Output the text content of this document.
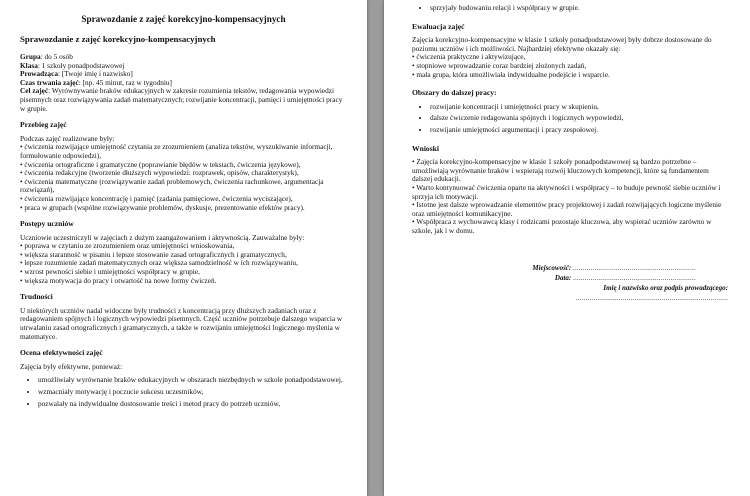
Sprawozdanie z zajęć korekcyjno-kompensacyjnych
Sprawozdanie z zajęć korekcyjno-kompensacyjnych
Grupa: do 5 osób
Klasa: 1 szkoły ponadpodstawowej
Prowadząca: [Twoje imię i nazwisko]
Czas trwania zajęć: [np. 45 minut, raz w tygodniu]
Cel zajęć: Wyrównywanie braków edukacyjnych w zakresie rozumienia tekstów, redagowania wypowiedzi pisemnych oraz rozwiązywania zadań matematycznych; rozwijanie koncentracji, pamięci i umiejętności pracy w grupie.
Przebieg zajęć

Podczas zajęć realizowane były:

• ćwiczenia rozwijające umiejętność czytania ze zrozumieniem (analiza tekstów, wyszukiwanie informacji, formułowanie odpowiedzi),
• ćwiczenia ortograficzne i gramatyczne (poprawianie błędów w tekstach, ćwiczenia językowe),
• ćwiczenia redakcyjne (tworzenie dłuższych wypowiedzi: rozprawek, opisów, charakterystyk),
• ćwiczenia matematyczne (rozwiązywanie zadań problemowych, ćwiczenia rachunkowe, argumentacja rozwiązań),
• ćwiczenia rozwijające koncentrację i pamięć (zadania pamięciowe, ćwiczenia wyciszające),
• praca w grupach (wspólne rozwiązywanie problemów, dyskusje, prezentowanie efektów pracy).
Postępy uczniów

Uczniowie uczestniczyli w zajęciach z dużym zaangażowaniem i aktywnością. Zauważalne były:

• poprawa w czytaniu ze zrozumieniem oraz umiejętności wnioskowania,
• większa staranność w pisaniu i lepsze stosowanie zasad ortograficznych i gramatycznych,
• lepsze rozumienie zadań matematycznych oraz większa samodzielność w ich rozwiązywaniu,
• wzrost pewności siebie i umiejętności współpracy w grupie,
• większa motywacja do pracy i otwartość na nowe formy ćwiczeń.
Trudności

U niektórych uczniów nadal widoczne były trudności z koncentracją przy dłuższych zadaniach oraz z redagowaniem spójnych i logicznych wypowiedzi pisemnych. Część uczniów potrzebuje dalszego wsparcia w utrwalaniu zasad ortograficznych i gramatycznych, a także w rozwijaniu umiejętności logicznego myślenia w matematyce.

Ocena efektywności zajęć

Zajęcia były efektywne, ponieważ:

• umożliwiały wyrównanie braków edukacyjnych w obszarach niezbędnych w szkole ponadpodstawowej,
• wzmacniały motywację i poczucie sukcesu uczestników,
• pozwalały na indywidualne dostosowanie treści i metod pracy do potrzeb uczniów,
• sprzyjały budowaniu relacji i współpracy w grupie.
Ewaluacja zajęć

Zajęcia korekcyjno-kompensacyjne w klasie 1 szkoły ponadpodstawowej były dobrze dostosowane do poziomu uczniów i ich możliwości. Najbardziej efektywne okazały się:

• ćwiczenia praktyczne i aktywizujące,
• stopniowe wprowadzanie coraz bardziej złożonych zadań,
• mała grupa, która umożliwiała indywidualne podejście i wsparcie.
Obszary do dalszej pracy:
• rozwijanie koncentracji i umiejętności pracy w skupieniu,
• dalsze ćwiczenie redagowania spójnych i logicznych wypowiedzi,
• rozwijanie umiejętności argumentacji i pracy zespołowej.
Wnioski
• Zajęcia korekcyjno-kompensacyjne w klasie 1 szkoły ponadpodstawowej są bardzo potrzebne – umożliwiają wyrównanie braków i wspierają rozwój kluczowych kompetencji, które są fundamentem dalszej edukacji.
• Warto kontynuować ćwiczenia oparte na aktywności i współpracy – to buduje pewność siebie uczniów i sprzyja ich motywacji.
• Istotne jest dalsze wprowadzanie elementów pracy projektowej i zadań rozwijających logiczne myślenie oraz umiejętności komunikacyjne.
• Współpraca z wychowawcą klasy i rodzicami pozostaje kluczowa, aby wspierać uczniów zarówno w szkole, jak i w domu.
Miejscowość:
...............................................................
Data:
...............................................................
Imię i nazwisko oraz podpis prowadzącego:
..............................................................................
